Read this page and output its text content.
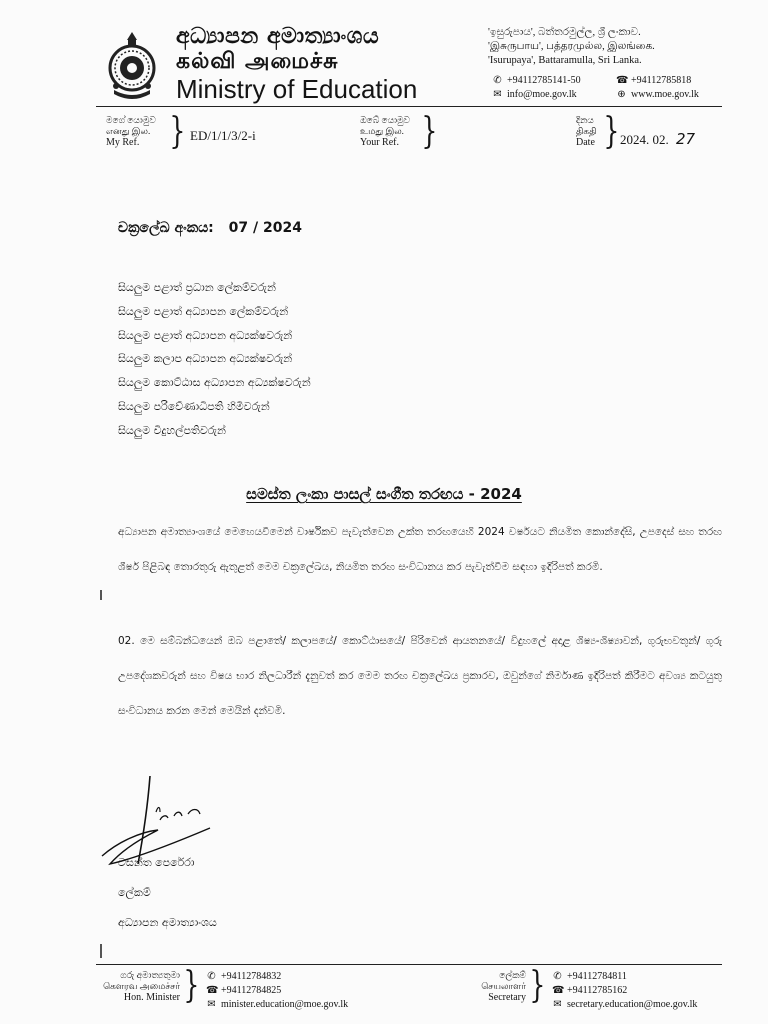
අධ්‍යාපන අමාත්‍යාංශය
கல்வி அமைச்சு
Ministry of Education
'ඉසුරුපාය', බත්තරමුල්ල, ශ්‍රී ලංකාව.
'இசுருபாய', பத்தரமுல்ல, இலங்கை.
'Isurupaya', Battaramulla, Sri Lanka.
✆ +94112785141-50	☎ +94112785818
✉ info@moe.gov.lk	⊕ www.moe.gov.lk
මගේ යොමුව
எனது இல.
My Ref. } ED/1/1/3/2-i
ඔබේ යොමුව
உமது இல.
Your Ref. }	දිනය
திகதி
Date } 2024. 02. 27
චක්‍රලේඛ අංකය: 07 / 2024
සියලුම පළාත් ප්‍රධාන ලේකම්වරුන්
සියලුම පළාත් අධ්‍යාපන ලේකම්වරුන්
සියලුම පළාත් අධ්‍යාපන අධ්‍යක්ෂවරුන්
සියලුම කලාප අධ්‍යාපන අධ්‍යක්ෂවරුන්
සියලුම කොට්ඨාස අධ්‍යාපන අධ්‍යක්ෂවරුන්
සියලුම පරිවේණාධිපති හිමිවරුන්
සියලුම විදුහල්පතිවරුන්
සමස්ත ලංකා පාසල් සංගීත තරඟය - 2024
අධ්‍යාපන අමාත්‍යාංශයේ මෙහෙයවීමෙන් වාර්ෂිකව පැවැත්වෙන උක්ත තරඟයෙහි 2024 වර්ෂයට නියමිත කොන්දේසි, උපදෙස් සහ තරඟ ශීර්ෂ පිළිබඳ තොරතුරු ඇතුළත් මෙම චක්‍රලේඛය, නියමිත තරඟ සංවිධානය කර පැවැත්වීම සඳහා ඉදිරිපත් කරමි.
02. මෙ සම්බන්ධයෙන් ඔබ පළාතේ/ කලාපයේ/ කොට්ඨාසයේ/ පිරිවෙන් ආයතනයේ/ විදුහලේ අදාළ ශිෂ්‍ය-ශිෂ්‍යාවන්, ගුරුභවතුන්/ ගුරු උපදේශකවරුන් සහ විෂය භාර නිලධාරීන් දැනුවත් කර මෙම තරඟ චක්‍රලේඛය ප්‍රකාරව, ඔවුන්ගේ නිර්මාණ ඉදිරිපත් කිරීමට අවශ්‍ය කටයුතු සංවිධානය කරන මෙන් මෙයින් දන්වමි.
වසන්ත පෙරේරා
ලේකම්
අධ්‍යාපන අමාත්‍යාංශය
ගරු අමාත්‍යතුමා
கௌரவ அமைச்சர்
Hon. Minister } ✆ +94112784832
☎ +94112784825
✉ minister.education@moe.gov.lk
ලේකම්
செயலாளர்
Secretary } ✆ +94112784811
☎ +94112785162
✉ secretary.education@moe.gov.lk
